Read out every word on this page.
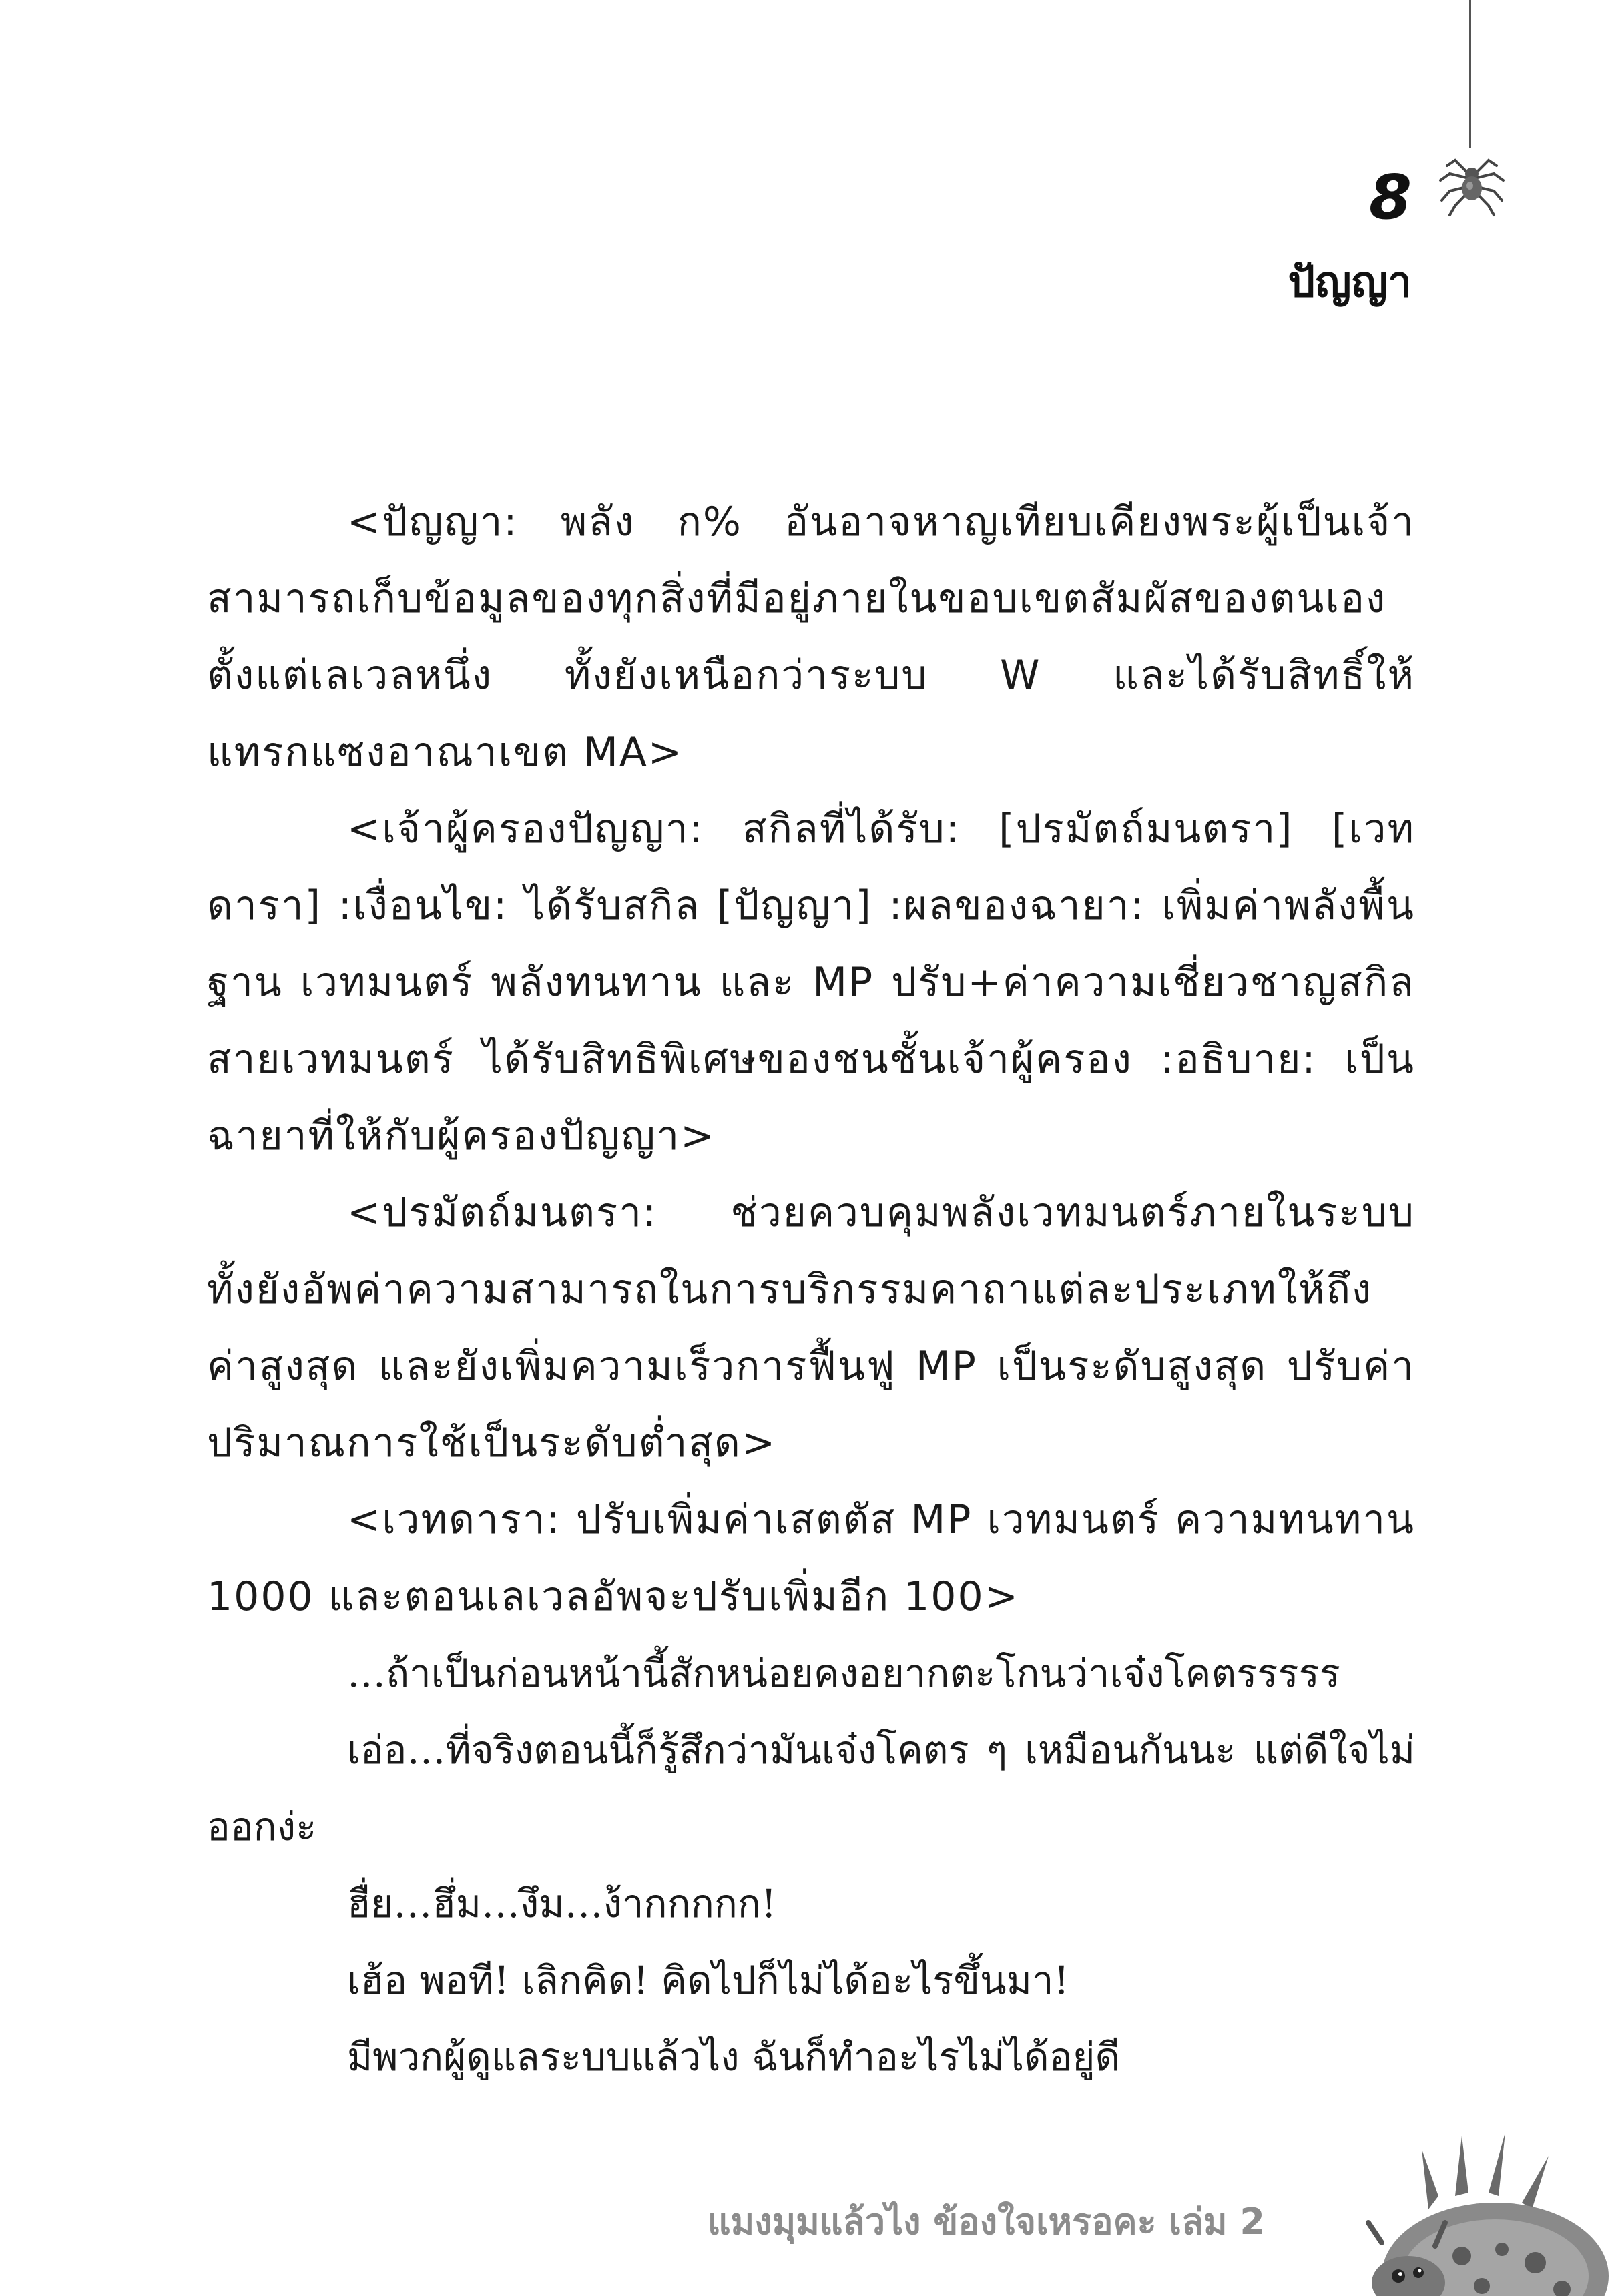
8
ปัญญา

<ปัญญา: พลัง ก% อันอาจหาญเทียบเคียงพระผู้เป็นเจ้า สามารถเก็บข้อมูลของทุกสิ่งที่มีอยู่ภายในขอบเขตสัมผัสของตนเองตั้งแต่เลเวลหนึ่ง ทั้งยังเหนือกว่าระบบ W และได้รับสิทธิ์ให้แทรกแซงอาณาเขต MA>

<เจ้าผู้ครองปัญญา: สกิลที่ได้รับ: [ปรมัตถ์มนตรา] [เวทดารา] :เงื่อนไข: ได้รับสกิล [ปัญญา] :ผลของฉายา: เพิ่มค่าพลังพื้นฐาน เวทมนตร์ พลังทนทาน และ MP ปรับ+ค่าความเชี่ยวชาญสกิลสายเวทมนตร์ ได้รับสิทธิพิเศษของชนชั้นเจ้าผู้ครอง :อธิบาย: เป็นฉายาที่ให้กับผู้ครองปัญญา>

<ปรมัตถ์มนตรา: ช่วยควบคุมพลังเวทมนตร์ภายในระบบ ทั้งยังอัพค่าความสามารถในการบริกรรมคาถาแต่ละประเภทให้ถึงค่าสูงสุด และยังเพิ่มความเร็วการฟื้นฟู MP เป็นระดับสูงสุด ปรับค่าปริมาณการใช้เป็นระดับต่ำสุด>

<เวทดารา: ปรับเพิ่มค่าเสตตัส MP เวทมนตร์ ความทนทาน 1000 และตอนเลเวลอัพจะปรับเพิ่มอีก 100>

…ถ้าเป็นก่อนหน้านี้สักหน่อยคงอยากตะโกนว่าเจ๋งโคตรรรรร

เอ่อ…ที่จริงตอนนี้ก็รู้สึกว่ามันเจ๋งโคตร ๆ เหมือนกันนะ แต่ดีใจไม่ออกง่ะ

ฮื่ย…ฮึ่ม…งึม…ง้ากกกกก!

เฮ้อ พอที! เลิกคิด! คิดไปก็ไม่ได้อะไรขึ้นมา!

มีพวกผู้ดูแลระบบแล้วไง ฉันก็ทำอะไรไม่ได้อยู่ดี

แมงมุมแล้วไง ข้องใจเหรอคะ เล่ม 2
